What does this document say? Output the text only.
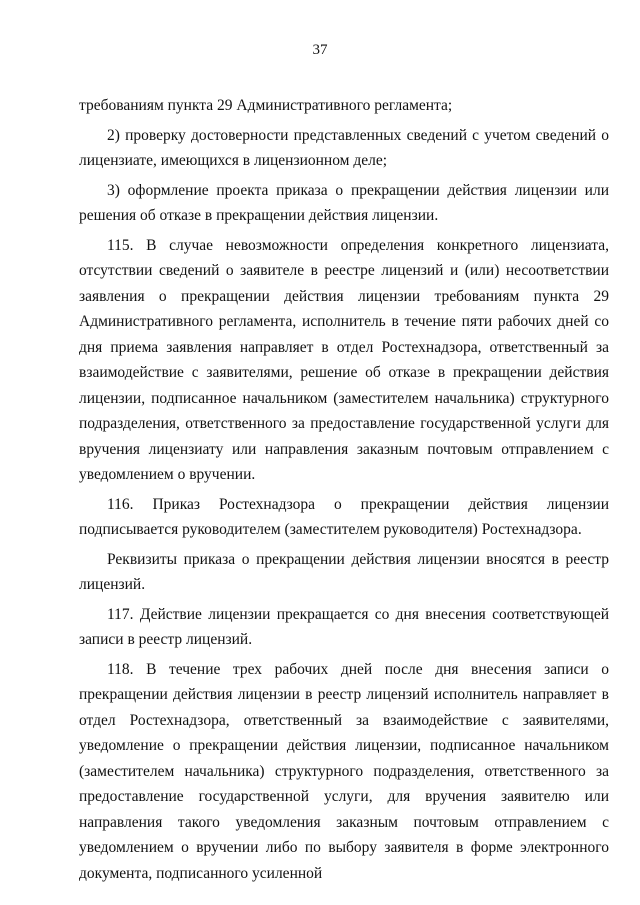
37

требованиям пункта 29 Административного регламента;

2) проверку достоверности представленных сведений с учетом сведений о лицензиате, имеющихся в лицензионном деле;

3) оформление проекта приказа о прекращении действия лицензии или решения об отказе в прекращении действия лицензии.

115. В случае невозможности определения конкретного лицензиата, отсутствии сведений о заявителе в реестре лицензий и (или) несоответствии заявления о прекращении действия лицензии требованиям пункта 29 Административного регламента, исполнитель в течение пяти рабочих дней со дня приема заявления направляет в отдел Ростехнадзора, ответственный за взаимодействие с заявителями, решение об отказе в прекращении действия лицензии, подписанное начальником (заместителем начальника) структурного подразделения, ответственного за предоставление государственной услуги для вручения лицензиату или направления заказным почтовым отправлением с уведомлением о вручении.

116. Приказ Ростехнадзора о прекращении действия лицензии подписывается руководителем (заместителем руководителя) Ростехнадзора.

Реквизиты приказа о прекращении действия лицензии вносятся в реестр лицензий.

117. Действие лицензии прекращается со дня внесения соответствующей записи в реестр лицензий.

118. В течение трех рабочих дней после дня внесения записи о прекращении действия лицензии в реестр лицензий исполнитель направляет в отдел Ростехнадзора, ответственный за взаимодействие с заявителями, уведомление о прекращении действия лицензии, подписанное начальником (заместителем начальника) структурного подразделения, ответственного за предоставление государственной услуги, для вручения заявителю или направления такого уведомления заказным почтовым отправлением с уведомлением о вручении либо по выбору заявителя в форме электронного документа, подписанного усиленной
